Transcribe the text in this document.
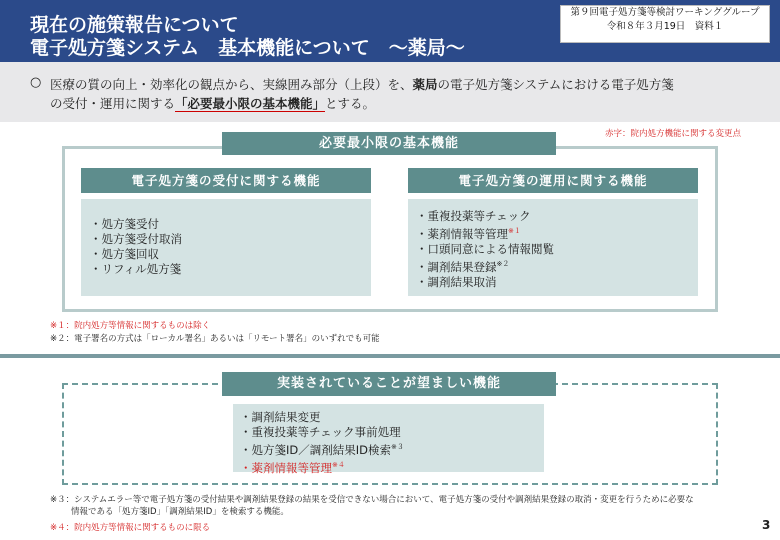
現在の施策報告について
電子処方箋システム　基本機能について　～薬局～
第９回電子処方箋等検討ワーキンググループ
令和８年３月19日　資料１
○ 医療の質の向上・効率化の観点から、実線囲み部分（上段）を、薬局の電子処方箋システムにおける電子処方箋
の受付・運用に関する「必要最小限の基本機能」とする。
赤字：院内処方機能に関する変更点
必要最小限の基本機能
電子処方箋の受付に関する機能	電子処方箋の運用に関する機能
・処方箋受付
・処方箋受付取消
・処方箋回収
・リフィル処方箋
・重複投薬等チェック
・薬剤情報等管理$^{※1}$
・口頭同意による情報閲覧
・調剤結果登録$^{※2}$
・調剤結果取消
※１：院内処方等情報に関するものは除く
※２：電子署名の方式は「ローカル署名」あるいは「リモート署名」のいずれでも可能
実装されていることが望ましい機能
・調剤結果変更
・重複投薬等チェック事前処理
・処方箋ID／調剤結果ID検索$^{※3}$
・薬剤情報等管理$^{※4}$
※３：システムエラー等で電子処方箋の受付結果や調剤結果登録の結果を受信できない場合において、電子処方箋の受付や調剤結果登録の取消・変更を行うために必要な
情報である「処方箋ID」「調剤結果ID」を検索する機能。
※４：院内処方等情報に関するものに限る	3
